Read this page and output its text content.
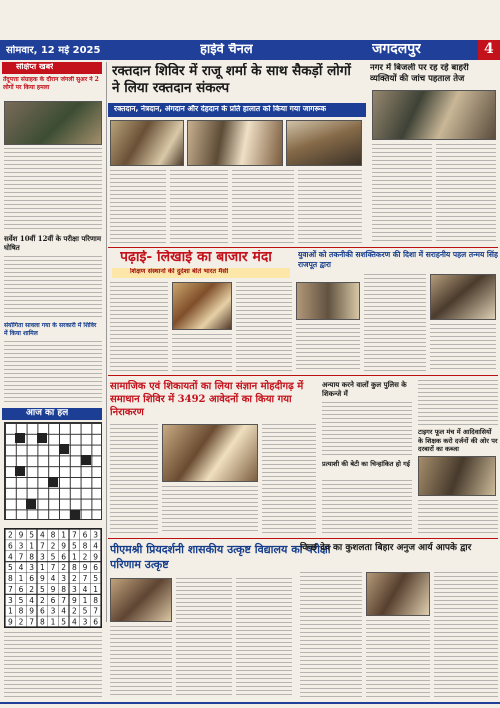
सोमवार, 12 मई 2025	हाईवे चैनल	जगदलपुर	4
संक्षिप्त खबरें
तेंदूपत्ता संग्राहक के दौरान जंगली सुअर ने 2 लोगों पर किया हमला
सर्वेश 10वीं 12वीं के परीक्षा परिणाम घोषित
संयोगिता सावला गया के सरकारी में शिविर में किया शामिल
आज का हल
2 9 5 4 8 1 7 6 3
6 3 1 7 2 9 5 8 4
4 7 8 3 5 6 1 2 9
5 4 3 1 7 2 8 9 6
8 1 6 9 4 3 2 7 5
7 6 2 5 9 8 3 4 1
3 5 4 2 6 7 9 1 8
1 8 9 6 3 4 2 5 7
9 2 7 8 1 5 4 3 6
रक्तदान शिविर में राजू शर्मा के साथ सैकड़ों लोगों ने लिया रक्तदान संकल्प
रक्तदान, नेत्रदान, अंगदान और देहदान के प्रति हालात को किया गया जागरूक
नगर में बिजली पर रह रहे बाहरी व्यक्तियों की जांच पहताल तेज
पढ़ाई- लिखाई का बाजार मंदा
शिक्षण संस्थानों की दुर्दशा बीते भारत मैसी
युवाओं को तकनीकी सशक्तिकरण की दिशा में सराहनीय पहल तन्मय सिंह राजपूत द्वारा
सामाजिक एवं शिकायतों का लिया संज्ञान मोहदीगढ़ में समाधान शिविर में 3492 आवेदनों का किया गया निराकरण
अन्याय करने वालों कुल पुलिस के शिकन्जे में
प्रत्याशी की बेटी का चिन्हांकित हो गई
टाइगर फूल मंच में आदिवासियों के शिक्षक करो दर्जनों की ओर पर दरबारों का कब्जा
पीएमश्री प्रियदर्शनी शासकीय उत्कृष्ट विद्यालय का परीक्षा परिणाम उत्कृष्ट
विच्छ देव का कुशलता बिहार अनुज आर्य आपके द्वार
